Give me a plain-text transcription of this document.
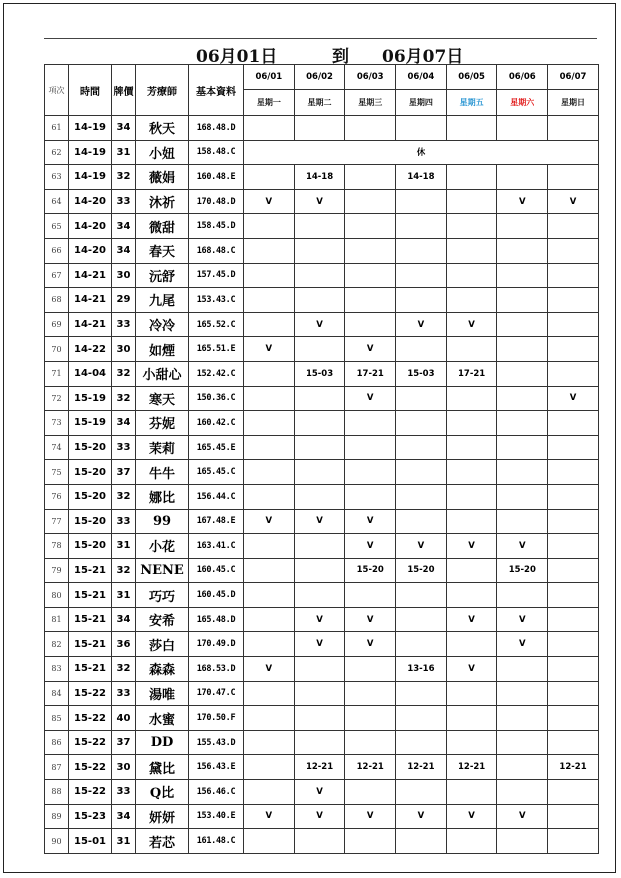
06月01日	到 06月07日
項次	時間	牌價	芳療師	基本資料	06/01	06/02	06/03	06/04	06/05	06/06	06/07
					星期一	星期二	星期三	星期四	星期五	星期六	星期日
61	14-19	34	秋天	168.48.D							
62	14-19	31	小妞	158.48.C	休						
63	14-19	32	薇娟	160.48.E		14-18		14-18			
64	14-20	33	沐祈	170.48.D	V	V				V	V
65	14-20	34	微甜	158.45.D							
66	14-20	34	春天	168.48.C							
67	14-21	30	沅舒	157.45.D							
68	14-21	29	九尾	153.43.C							
69	14-21	33	冷冷	165.52.C		V		V	V		
70	14-22	30	如煙	165.51.E	V		V				
71	14-04	32	小甜心	152.42.C		15-03	17-21	15-03	17-21		
72	15-19	32	寒天	150.36.C			V				V
73	15-19	34	芬妮	160.42.C							
74	15-20	33	茉莉	165.45.E							
75	15-20	37	牛牛	165.45.C							
76	15-20	32	娜比	156.44.C							
77	15-20	33	99	167.48.E	V	V	V				
78	15-20	31	小花	163.41.C			V	V	V	V	
79	15-21	32	NENE	160.45.C			15-20	15-20		15-20	
80	15-21	31	巧巧	160.45.D							
81	15-21	34	安希	165.48.D		V	V		V	V	
82	15-21	36	莎白	170.49.D		V	V			V	
83	15-21	32	森森	168.53.D	V			13-16	V		
84	15-22	33	湯唯	170.47.C							
85	15-22	40	水蜜	170.50.F							
86	15-22	37	DD	155.43.D							
87	15-22	30	黛比	156.43.E		12-21	12-21	12-21	12-21		12-21
88	15-22	33	Q比	156.46.C		V					
89	15-23	34	妍妍	153.40.E	V	V	V	V	V	V	
90	15-01	31	若芯	161.48.C							
